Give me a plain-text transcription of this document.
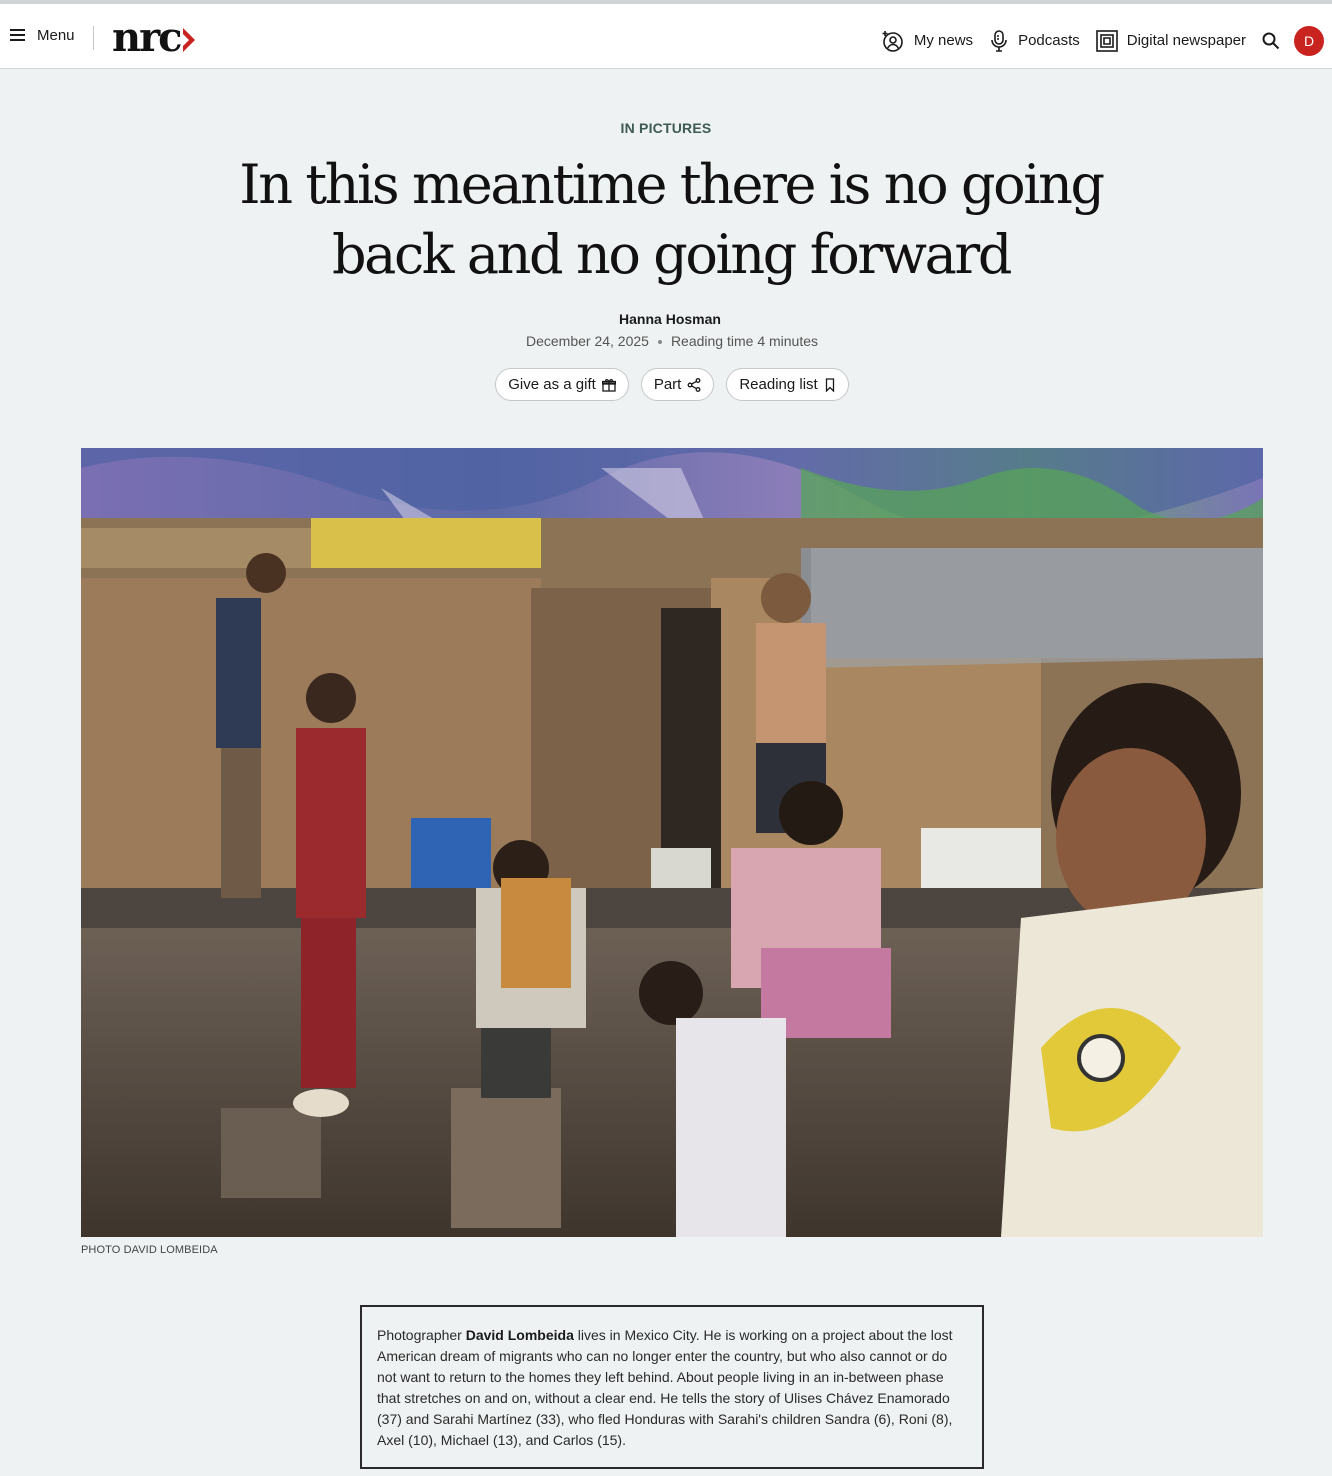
Menu nrc	My news	Podcasts	Digital newspaper	D
IN PICTURES
In this meantime there is no going back and no going forward
Hanna Hosman
December 24, 2025 Reading time 4 minutes
Give as a gift	Part	Reading list
PHOTO DAVID LOMBEIDA
Photographer David Lombeida lives in Mexico City. He is working on a project about the lost American dream of migrants who can no longer enter the country, but who also cannot or do not want to return to the homes they left behind. About people living in an in-between phase that stretches on and on, without a clear end. He tells the story of Ulises Chávez Enamorado (37) and Sarahi Martínez (33), who fled Honduras with Sarahi's children Sandra (6), Roni (8), Axel (10), Michael (13), and Carlos (15).
